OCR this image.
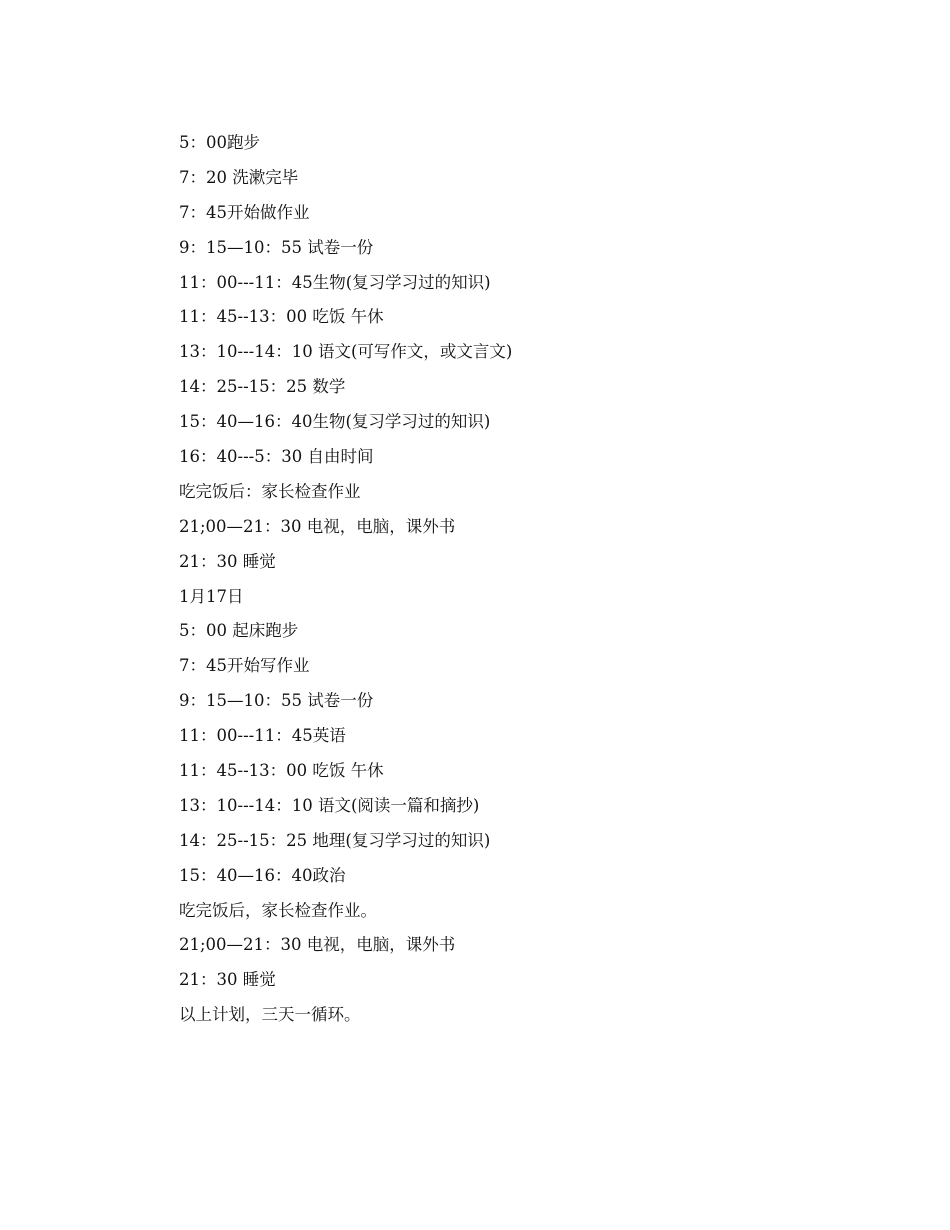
5：00跑步
7：20 洗漱完毕
7：45开始做作业
9：15—10：55 试卷一份
11：00---11：45生物(复习学习过的知识)
11：45--13：00 吃饭 午休
13：10---14：10 语文(可写作文，或文言文)
14：25--15：25 数学
15：40—16：40生物(复习学习过的知识)
16：40---5：30 自由时间
吃完饭后：家长检查作业
21;00—21：30 电视，电脑，课外书
21：30 睡觉
1月17日
5：00 起床跑步
7：45开始写作业
9：15—10：55 试卷一份
11：00---11：45英语
11：45--13：00 吃饭 午休
13：10---14：10 语文(阅读一篇和摘抄)
14：25--15：25 地理(复习学习过的知识)
15：40—16：40政治
吃完饭后，家长检查作业。
21;00—21：30 电视，电脑，课外书
21：30 睡觉
以上计划，三天一循环。
